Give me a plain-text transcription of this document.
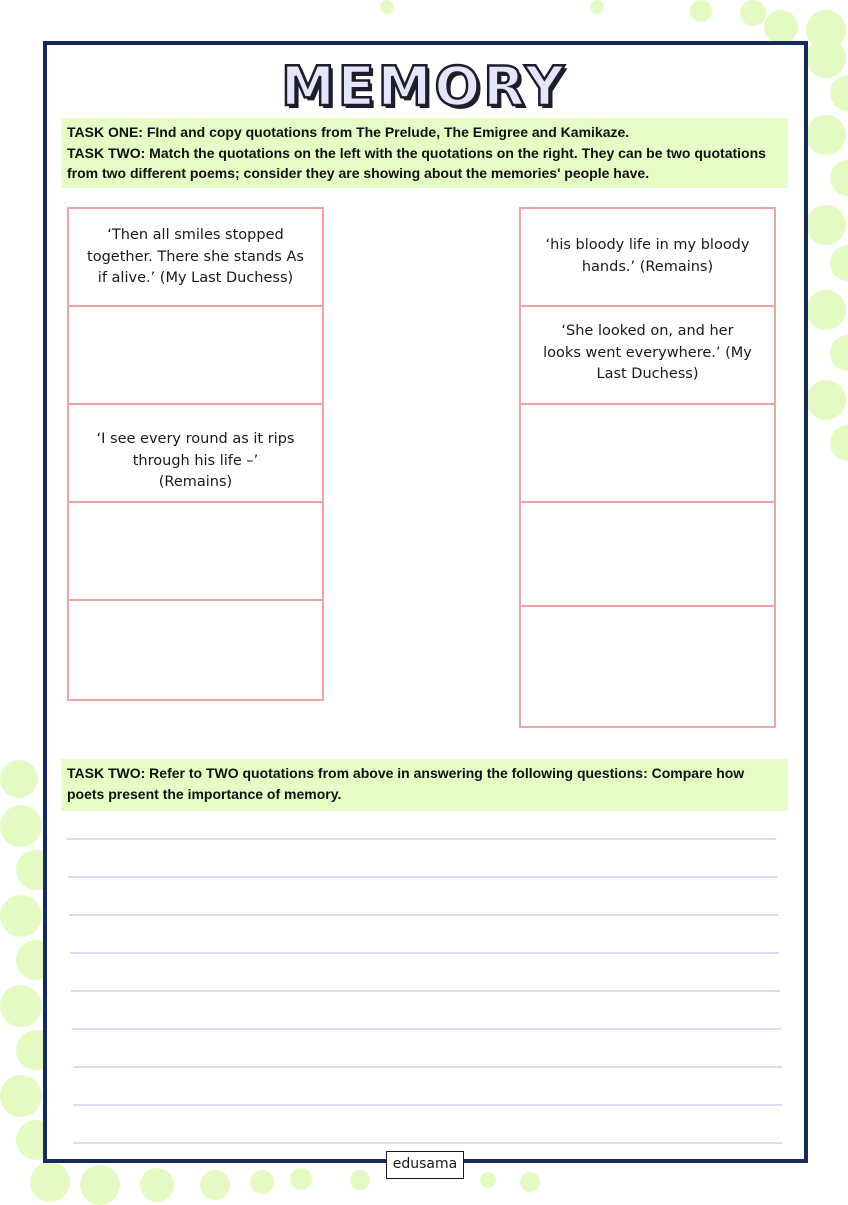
MEMORY
TASK ONE: FInd and copy quotations from The Prelude, The Emigree and Kamikaze.
TASK TWO: Match the quotations on the left with the quotations on the right. They can be two quotations from two different poems; consider they are showing about the memories' people have.
‘Then all smiles stopped together. There she stands As if alive.’ (My Last Duchess)
‘I see every round as it rips through his life –’ (Remains)
‘his bloody life in my bloody hands.’ (Remains)
‘She looked on, and her looks went everywhere.’ (My Last Duchess)
TASK TWO: Refer to TWO quotations from above in answering the following questions: Compare how poets present the importance of memory.
edusama
